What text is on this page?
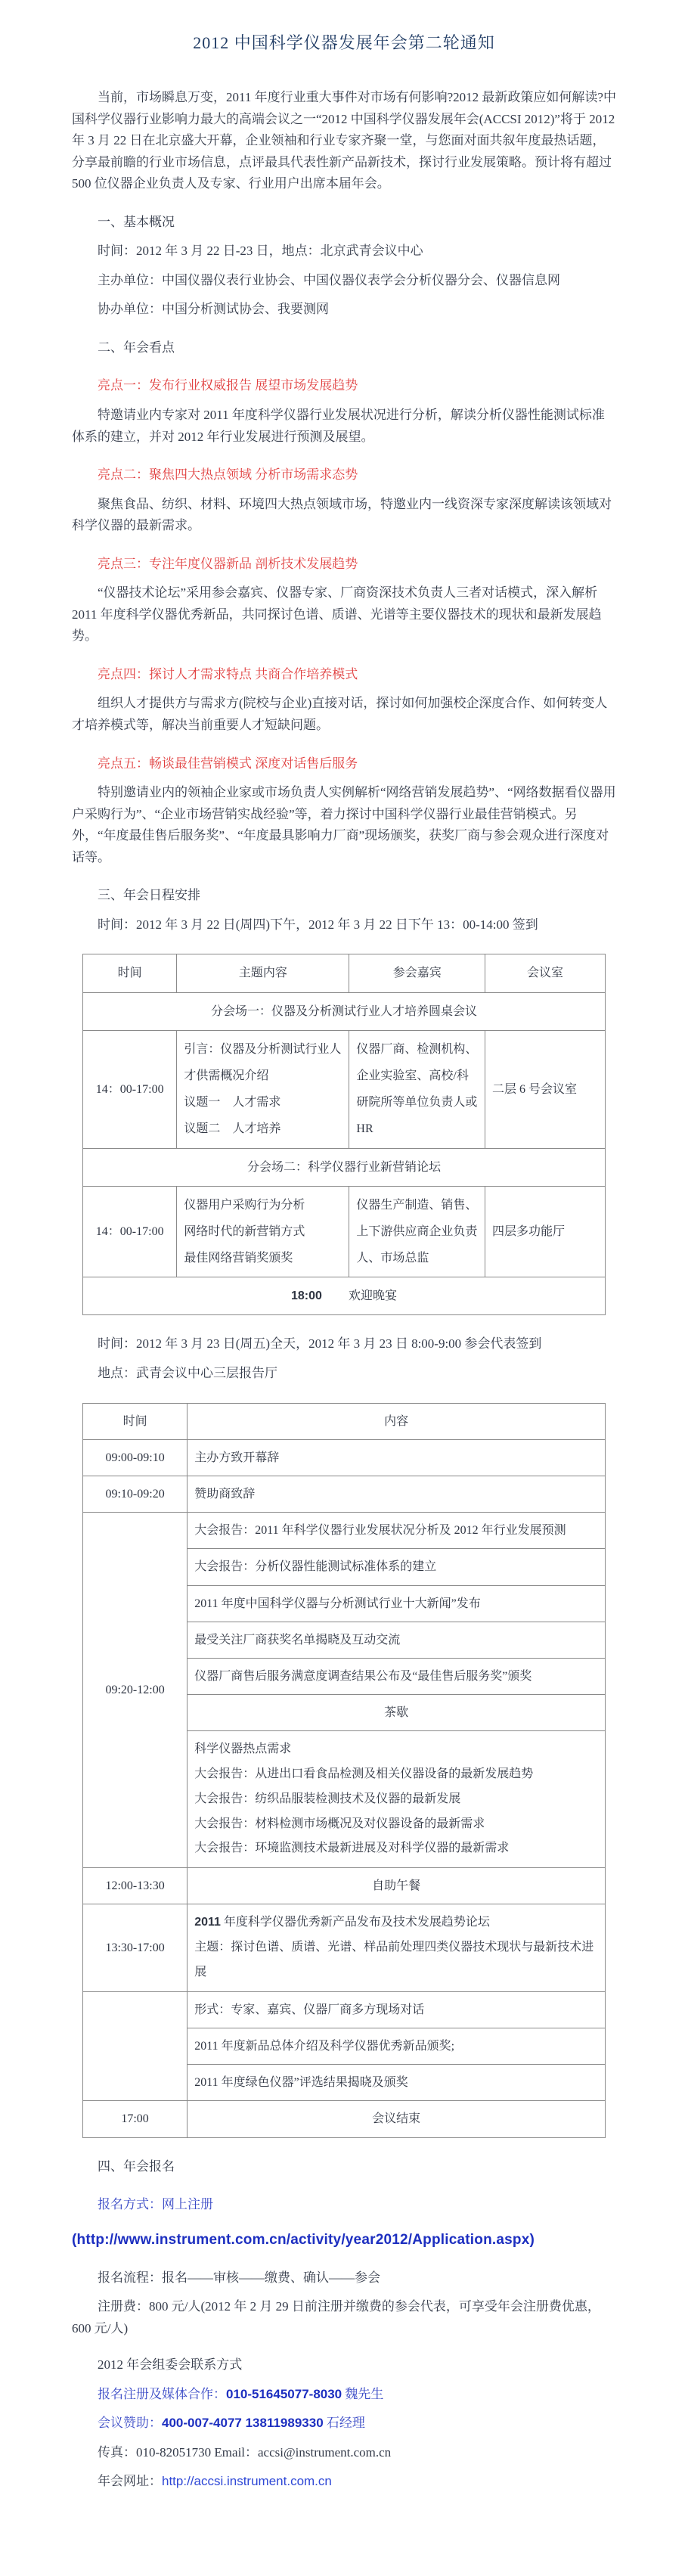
2012 中国科学仪器发展年会第二轮通知

当前，市场瞬息万变，2011 年度行业重大事件对市场有何影响?2012 最新政策应如何解读?中国科学仪器行业影响力最大的高端会议之一“2012 中国科学仪器发展年会(ACCSI 2012)”将于 2012 年 3 月 22 日在北京盛大开幕，企业领袖和行业专家齐聚一堂，与您面对面共叙年度最热话题，分享最前瞻的行业市场信息，点评最具代表性新产品新技术，探讨行业发展策略。预计将有超过 500 位仪器企业负责人及专家、行业用户出席本届年会。

一、基本概况

时间：2012 年 3 月 22 日-23 日，地点：北京武青会议中心

主办单位：中国仪器仪表行业协会、中国仪器仪表学会分析仪器分会、仪器信息网

协办单位：中国分析测试协会、我要测网

二、年会看点

亮点一：发布行业权威报告 展望市场发展趋势

特邀请业内专家对 2011 年度科学仪器行业发展状况进行分析，解读分析仪器性能测试标准体系的建立，并对 2012 年行业发展进行预测及展望。

亮点二：聚焦四大热点领域 分析市场需求态势

聚焦食品、纺织、材料、环境四大热点领域市场，特邀业内一线资深专家深度解读该领域对科学仪器的最新需求。

亮点三：专注年度仪器新品 剖析技术发展趋势

“仪器技术论坛”采用参会嘉宾、仪器专家、厂商资深技术负责人三者对话模式，深入解析 2011 年度科学仪器优秀新品，共同探讨色谱、质谱、光谱等主要仪器技术的现状和最新发展趋势。

亮点四：探讨人才需求特点 共商合作培养模式

组织人才提供方与需求方(院校与企业)直接对话，探讨如何加强校企深度合作、如何转变人才培养模式等，解决当前重要人才短缺问题。

亮点五：畅谈最佳营销模式 深度对话售后服务

特别邀请业内的领袖企业家或市场负责人实例解析“网络营销发展趋势”、“网络数据看仪器用户采购行为”、“企业市场营销实战经验”等，着力探讨中国科学仪器行业最佳营销模式。另外，“年度最佳售后服务奖”、“年度最具影响力厂商”现场颁奖，获奖厂商与参会观众进行深度对话等。

三、年会日程安排

时间：2012 年 3 月 22 日(周四)下午，2012 年 3 月 22 日下午 13：00-14:00 签到

时间	主题内容	参会嘉宾	会议室
分会场一：仪器及分析测试行业人才培养圆桌会议			
14：00-17:00	引言：仪器及分析测试行业人才供需概况介绍
议题一　人才需求
议题二　人才培养	仪器厂商、检测机构、企业实验室、高校/科研院所等单位负责人或 HR	二层 6 号会议室
分会场二：科学仪器行业新营销论坛			
14：00-17:00	仪器用户采购行为分析
网络时代的新营销方式
最佳网络营销奖颁奖	仪器生产制造、销售、上下游供应商企业负责人、市场总监	四层多功能厅
18:00 欢迎晚宴			

时间：2012 年 3 月 23 日(周五)全天，2012 年 3 月 23 日 8:00-9:00 参会代表签到

地点：武青会议中心三层报告厅

时间	内容
09:00-09:10	主办方致开幕辞
09:10-09:20	赞助商致辞
09:20-12:00	大会报告：2011 年科学仪器行业发展状况分析及 2012 年行业发展预测
	大会报告：分析仪器性能测试标准体系的建立
	2011 年度中国科学仪器与分析测试行业十大新闻”发布
	最受关注厂商获奖名单揭晓及互动交流
	仪器厂商售后服务满意度调查结果公布及“最佳售后服务奖”颁奖
	茶歇

	科学仪器热点需求
大会报告：从进出口看食品检测及相关仪器设备的最新发展趋势
大会报告：纺织品服装检测技术及仪器的最新发展
大会报告：材料检测市场概况及对仪器设备的最新需求
大会报告：环境监测技术最新进展及对科学仪器的最新需求

12:00-13:30	自助午餐
13:30-17:00	2011 年度科学仪器优秀新产品发布及技术发展趋势论坛
主题：探讨色谱、质谱、光谱、样品前处理四类仪器技术现状与最新技术进展

	形式：专家、嘉宾、仪器厂商多方现场对话
	2011 年度新品总体介绍及科学仪器优秀新品颁奖;
	2011 年度绿色仪器”评选结果揭晓及颁奖
17:00	会议结束

四、年会报名

报名方式：网上注册

(http://www.instrument.com.cn/activity/year2012/Application.aspx)

报名流程：报名——审核——缴费、确认——参会

注册费：800 元/人(2012 年 2 月 29 日前注册并缴费的参会代表，可享受年会注册费优惠，600 元/人)

2012 年会组委会联系方式

报名注册及媒体合作：010-51645077-8030 魏先生

会议赞助：400-007-4077 13811989330 石经理

传真：010-82051730 Email：accsi@instrument.com.cn

年会网址：http://accsi.instrument.com.cn
